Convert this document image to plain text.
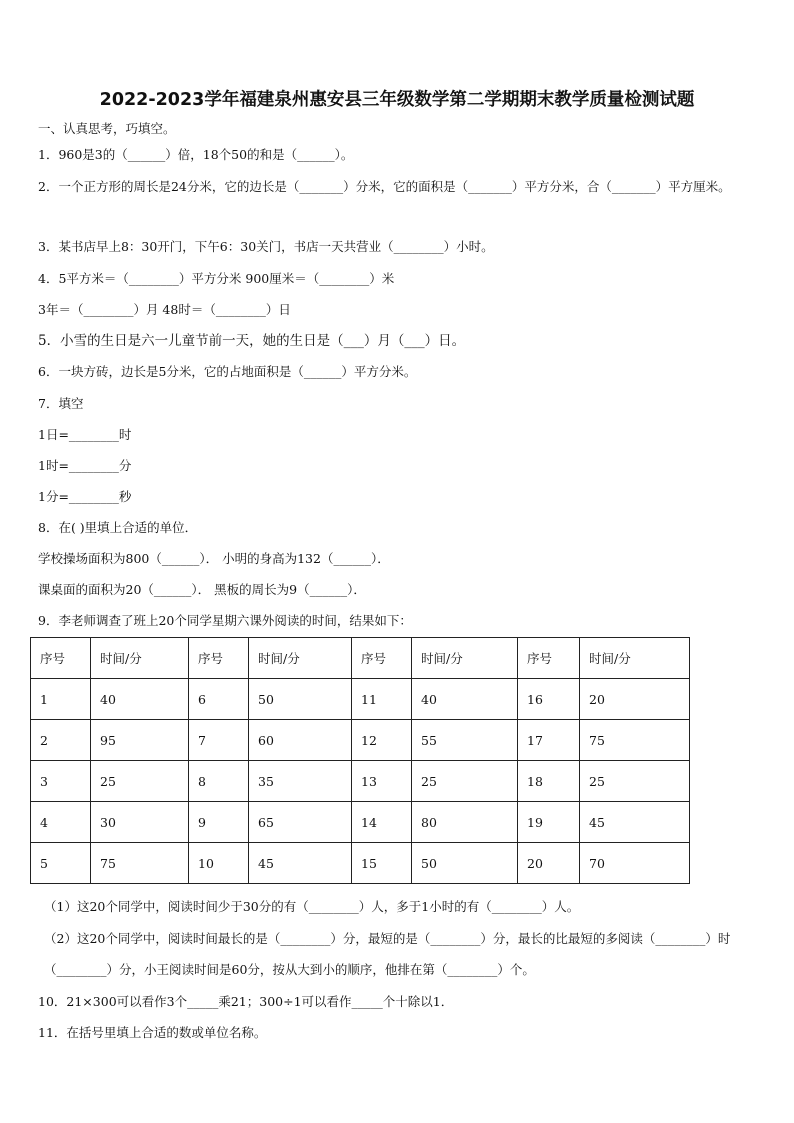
2022-2023学年福建泉州惠安县三年级数学第二学期期末教学质量检测试题
一、认真思考，巧填空。
1．960是3的（______）倍，18个50的和是（______）。
2．一个正方形的周长是24分米，它的边长是（_______）分米，它的面积是（_______）平方分米，合（_______）平方厘米。
3．某书店早上8：30开门，下午6：30关门，书店一天共营业（________）小时。
4．5平方米＝（________）平方分米 900厘米＝（________）米
3年＝（________）月 48时＝（________）日
5．小雪的生日是六一儿童节前一天，她的生日是（___）月（___）日。
6．一块方砖，边长是5分米，它的占地面积是（______）平方分米。
7．填空
1日=________时
1时=________分
1分=________秒
8．在( )里填上合适的单位．
学校操场面积为800（______）． 小明的身高为132（______）．
课桌面的面积为20（______）． 黑板的周长为9（______）．
9．李老师调查了班上20个同学星期六课外阅读的时间，结果如下：
序号	时间/分	序号	时间/分	序号	时间/分	序号	时间/分
1	40	6	50	11	40	16	20
2	95	7	60	12	55	17	75
3	25	8	35	13	25	18	25
4	30	9	65	14	80	19	45
5	75	10	45	15	50	20	70
（1）这20个同学中，阅读时间少于30分的有（________）人，多于1小时的有（________）人。
（2）这20个同学中，阅读时间最长的是（________）分，最短的是（________）分，最长的比最短的多阅读（________）时（________）分，小王阅读时间是60分，按从大到小的顺序，他排在第（________）个。
10．21×300可以看作3个_____乘21；300÷1可以看作_____个十除以1．
11．在括号里填上合适的数或单位名称。
